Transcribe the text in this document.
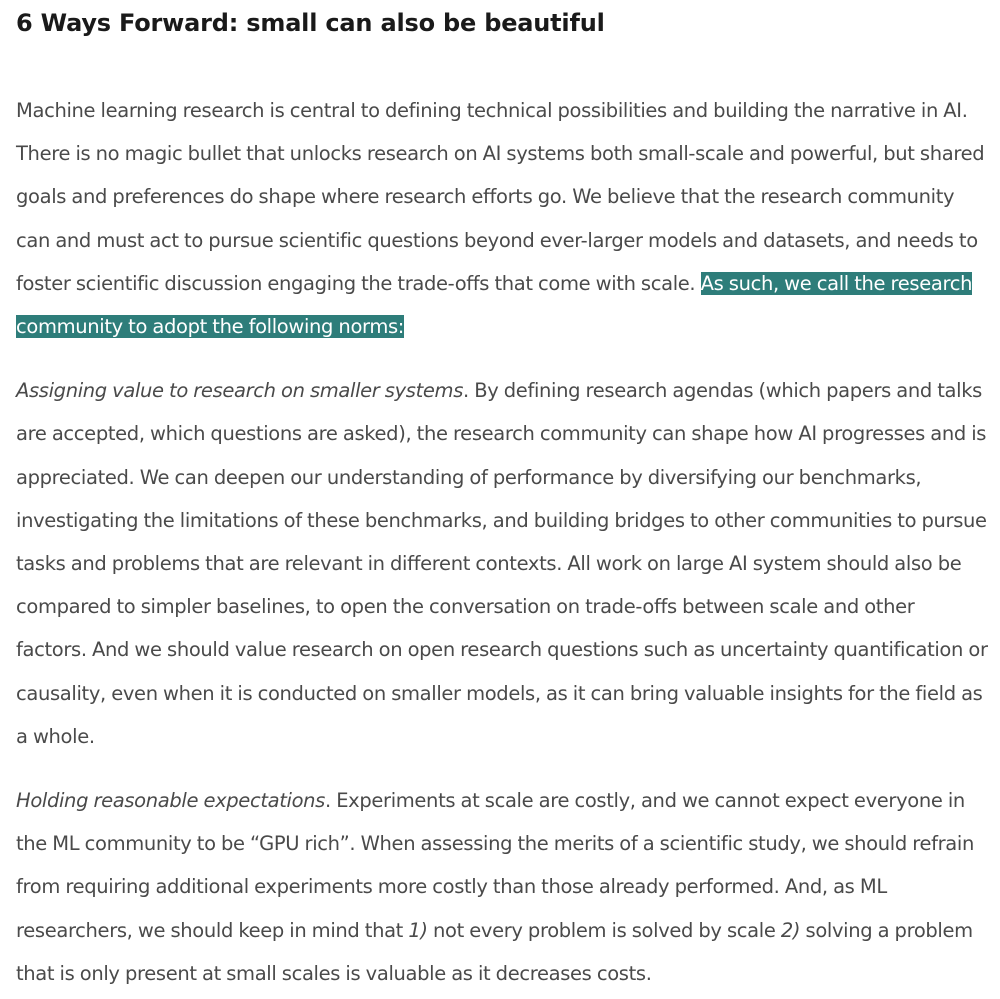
6 Ways Forward: small can also be beautiful

Machine learning research is central to defining technical possibilities and building the narrative in AI. There is no magic bullet that unlocks research on AI systems both small-scale and powerful, but shared goals and preferences do shape where research efforts go. We believe that the research community can and must act to pursue scientific questions beyond ever-larger models and datasets, and needs to foster scientific discussion engaging the trade-offs that come with scale. As such, we call the research community to adopt the following norms:

Assigning value to research on smaller systems. By defining research agendas (which papers and talks are accepted, which questions are asked), the research community can shape how AI progresses and is appreciated. We can deepen our understanding of performance by diversifying our benchmarks, investigating the limitations of these benchmarks, and building bridges to other communities to pursue tasks and problems that are relevant in different contexts. All work on large AI system should also be compared to simpler baselines, to open the conversation on trade-offs between scale and other factors. And we should value research on open research questions such as uncertainty quantification or causality, even when it is conducted on smaller models, as it can bring valuable insights for the field as a whole.

Holding reasonable expectations. Experiments at scale are costly, and we cannot expect everyone in the ML community to be “GPU rich”. When assessing the merits of a scientific study, we should refrain from requiring additional experiments more costly than those already performed. And, as ML researchers, we should keep in mind that 1) not every problem is solved by scale 2) solving a problem that is only present at small scales is valuable as it decreases costs.
